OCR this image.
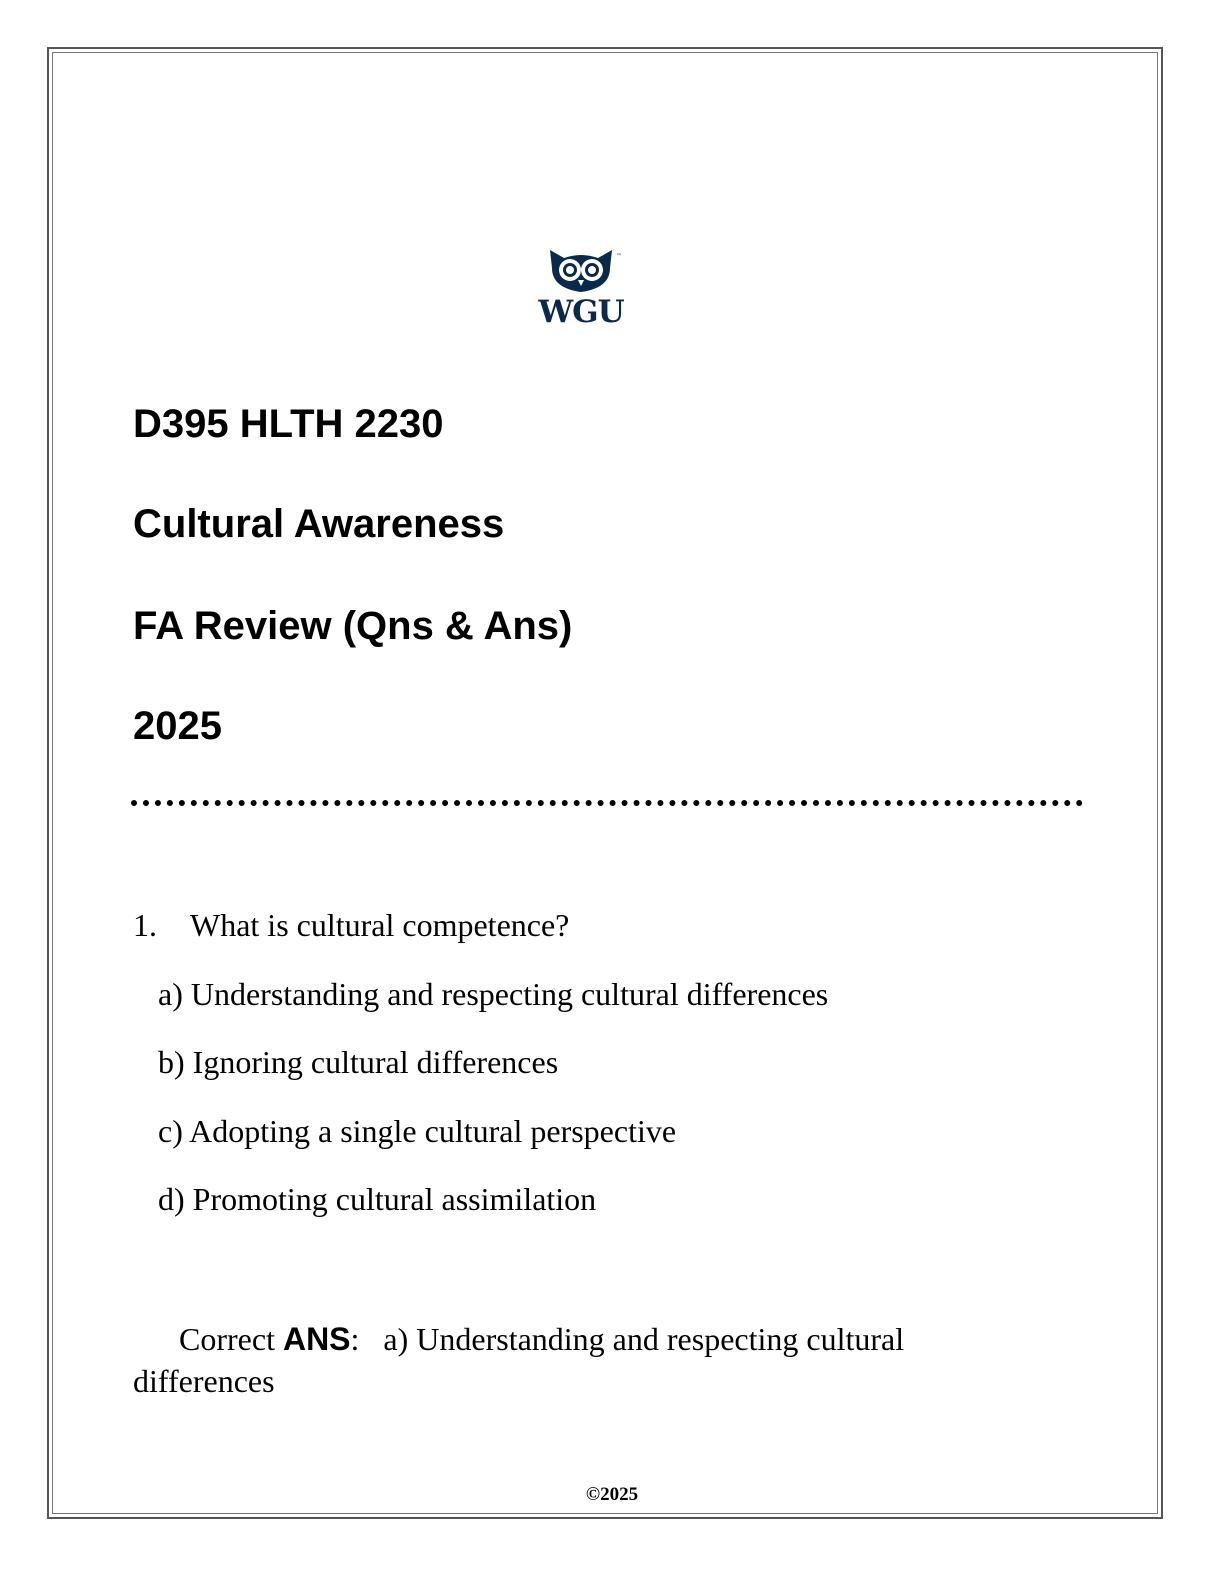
™
WGU
D395 HLTH 2230
Cultural Awareness
FA Review (Qns & Ans)
2025
1. What is cultural competence?
a) Understanding and respecting cultural differences
b) Ignoring cultural differences
c) Adopting a single cultural perspective
d) Promoting cultural assimilation
Correct ANS: a) Understanding and respecting cultural differences
©2025
